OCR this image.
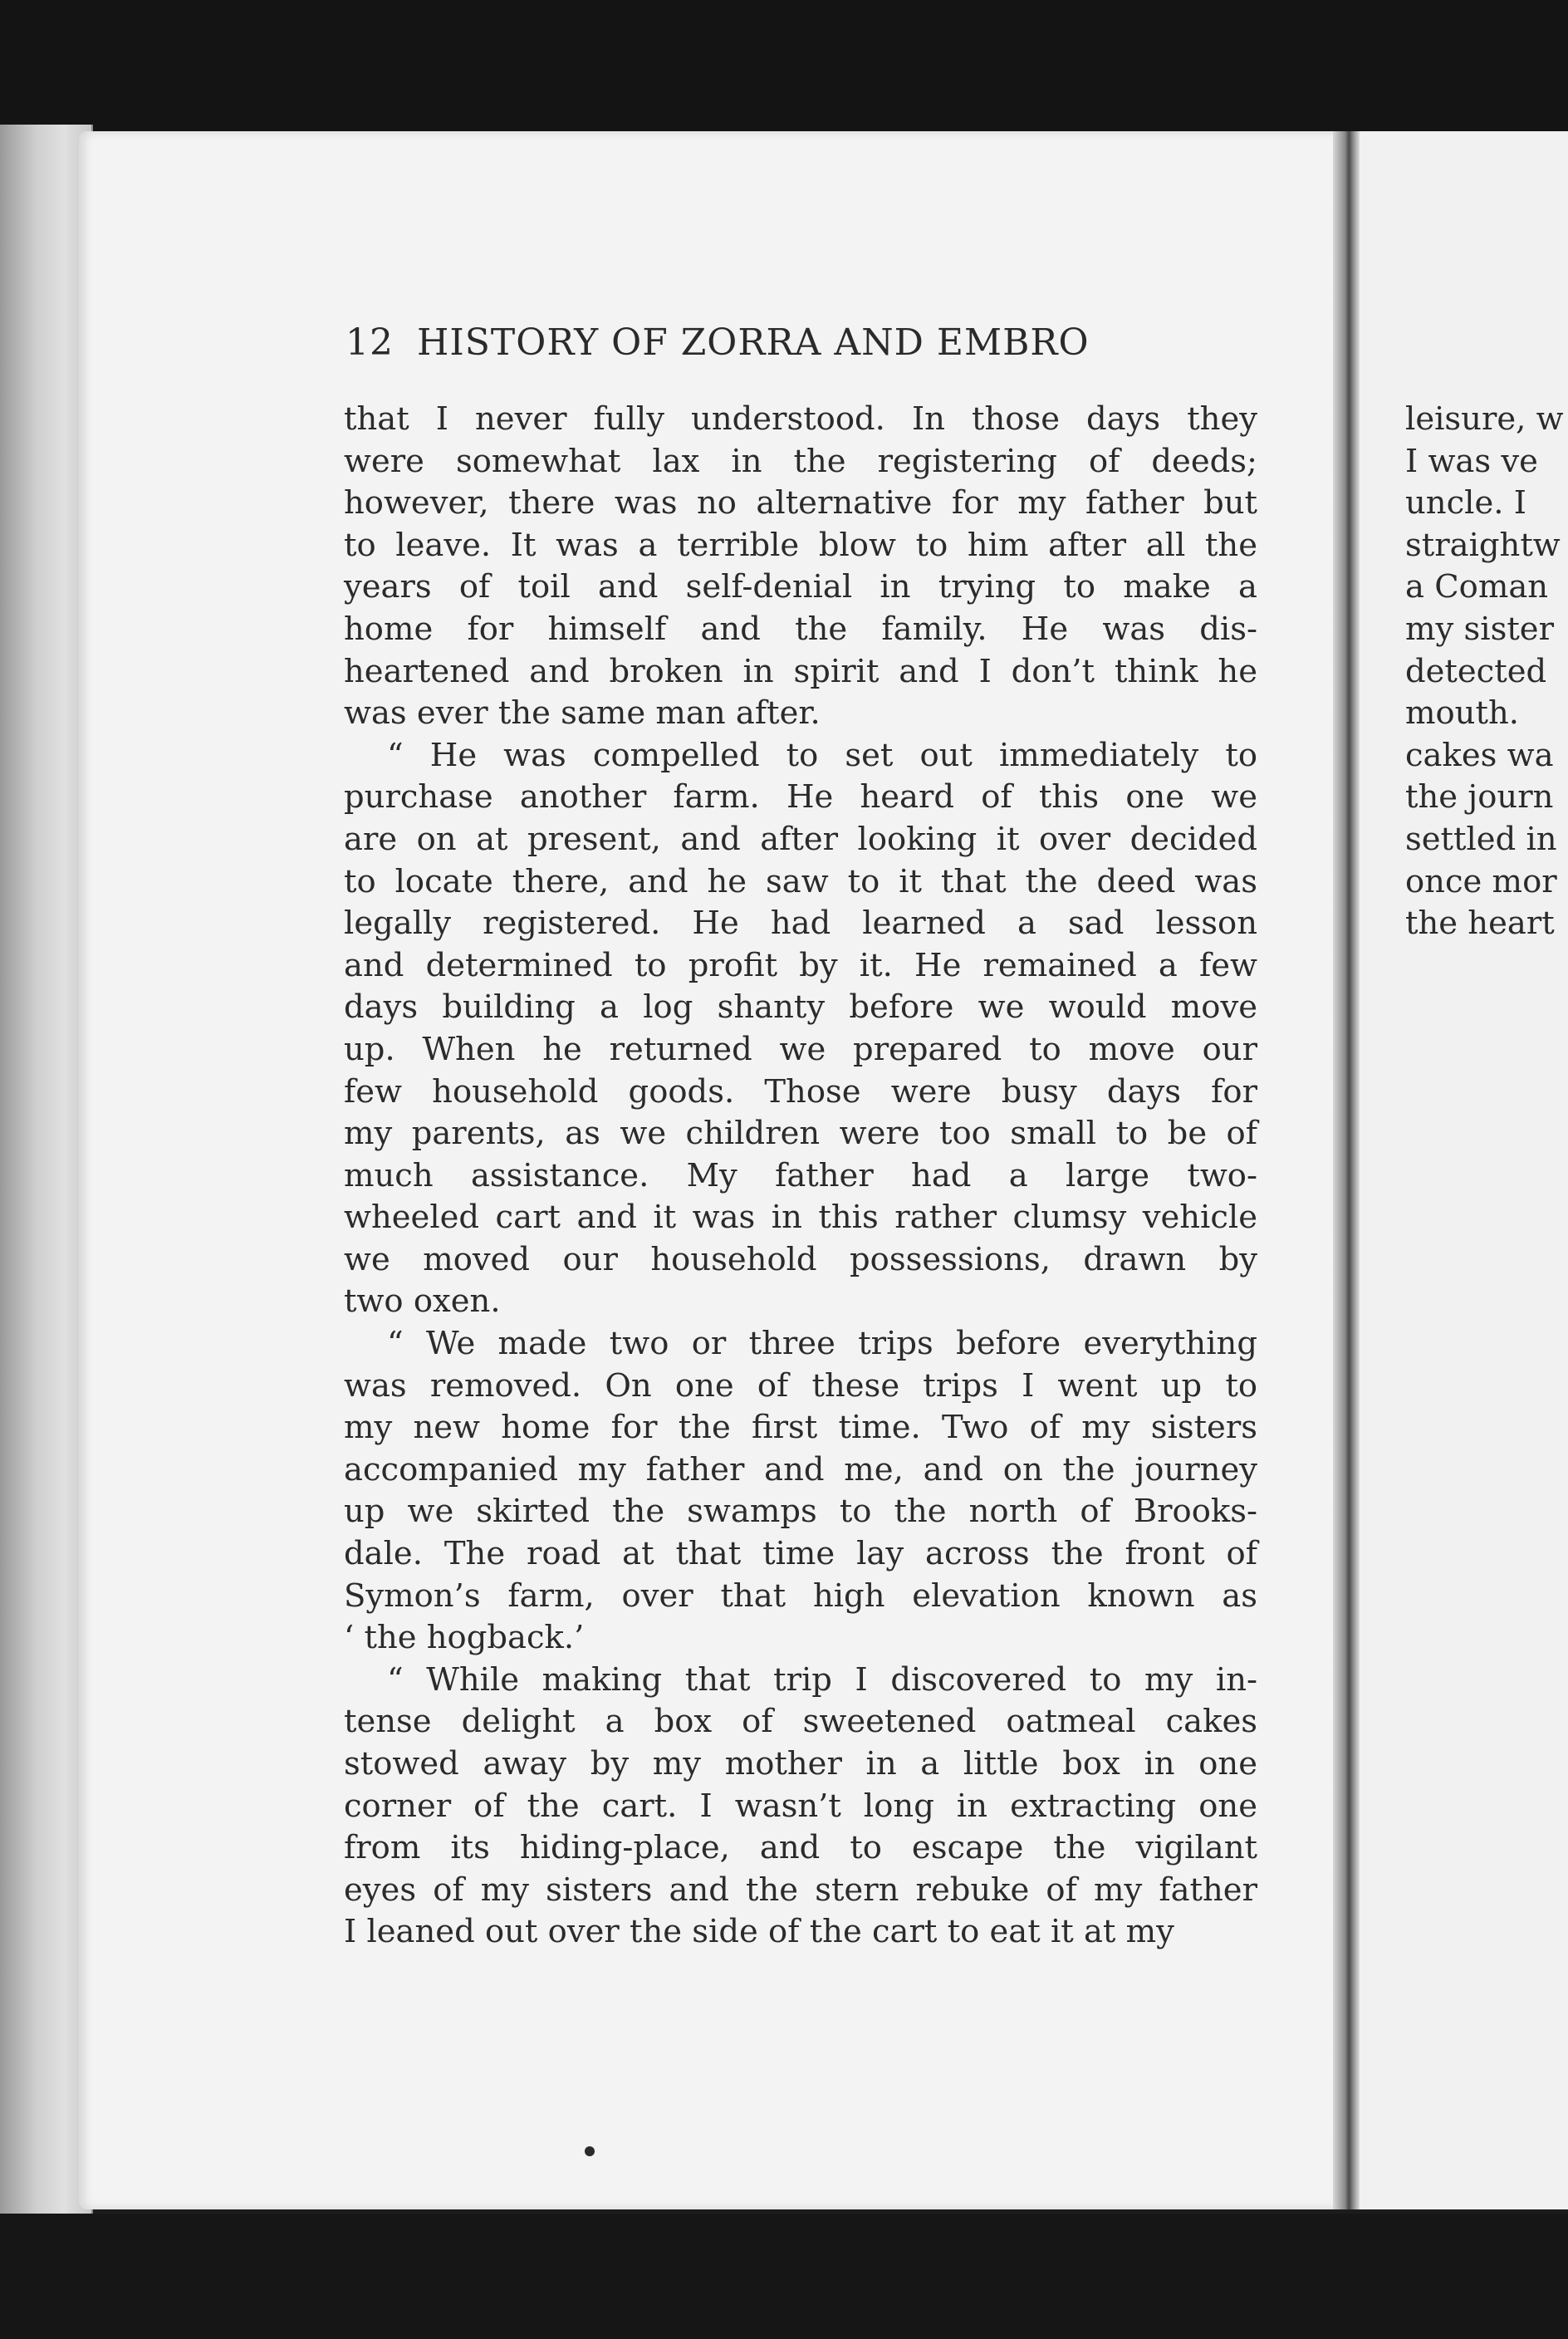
12 HISTORY OF ZORRA AND EMBRO
that I never fully understood. In those days they
were somewhat lax in the registering of deeds;
however, there was no alternative for my father but
to leave. It was a terrible blow to him after all the
years of toil and self-denial in trying to make a
home for himself and the family. He was dis-
heartened and broken in spirit and I don’t think he
was ever the same man after.
“ He was compelled to set out immediately to
purchase another farm. He heard of this one we
are on at present, and after looking it over decided
to locate there, and he saw to it that the deed was
legally registered. He had learned a sad lesson
and determined to profit by it. He remained a few
days building a log shanty before we would move
up. When he returned we prepared to move our
few household goods. Those were busy days for
my parents, as we children were too small to be of
much assistance. My father had a large two-
wheeled cart and it was in this rather clumsy vehicle
we moved our household possessions, drawn by
two oxen.
“ We made two or three trips before everything
was removed. On one of these trips I went up to
my new home for the first time. Two of my sisters
accompanied my father and me, and on the journey
up we skirted the swamps to the north of Brooks-
dale. The road at that time lay across the front of
Symon’s farm, over that high elevation known as
‘ the hogback.’
“ While making that trip I discovered to my in-
tense delight a box of sweetened oatmeal cakes
stowed away by my mother in a little box in one
corner of the cart. I wasn’t long in extracting one
from its hiding-place, and to escape the vigilant
eyes of my sisters and the stern rebuke of my father
I leaned out over the side of the cart to eat it at my
leisure, w
I was ve
uncle. I
straightw
a Coman
my sister
detected
mouth.
cakes wa
the journ
settled in
once mor
the heart
